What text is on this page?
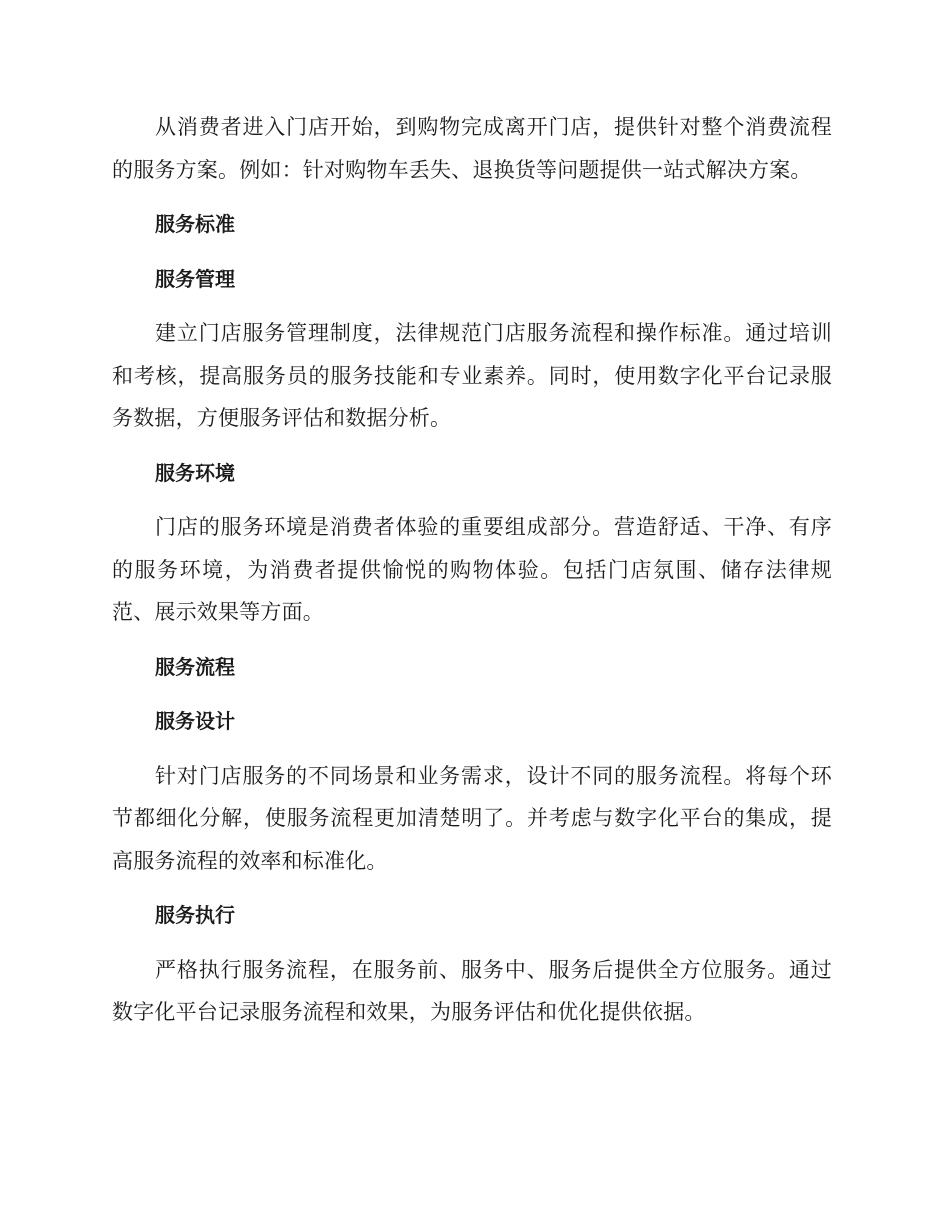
从消费者进入门店开始，到购物完成离开门店，提供针对整个消费流程的服务方案。例如：针对购物车丢失、退换货等问题提供一站式解决方案。

服务标准
服务管理

建立门店服务管理制度，法律规范门店服务流程和操作标准。通过培训和考核，提高服务员的服务技能和专业素养。同时，使用数字化平台记录服务数据，方便服务评估和数据分析。

服务环境

门店的服务环境是消费者体验的重要组成部分。营造舒适、干净、有序的服务环境，为消费者提供愉悦的购物体验。包括门店氛围、储存法律规范、展示效果等方面。

服务流程
服务设计

针对门店服务的不同场景和业务需求，设计不同的服务流程。将每个环节都细化分解，使服务流程更加清楚明了。并考虑与数字化平台的集成，提高服务流程的效率和标准化。

服务执行

严格执行服务流程，在服务前、服务中、服务后提供全方位服务。通过数字化平台记录服务流程和效果，为服务评估和优化提供依据。
